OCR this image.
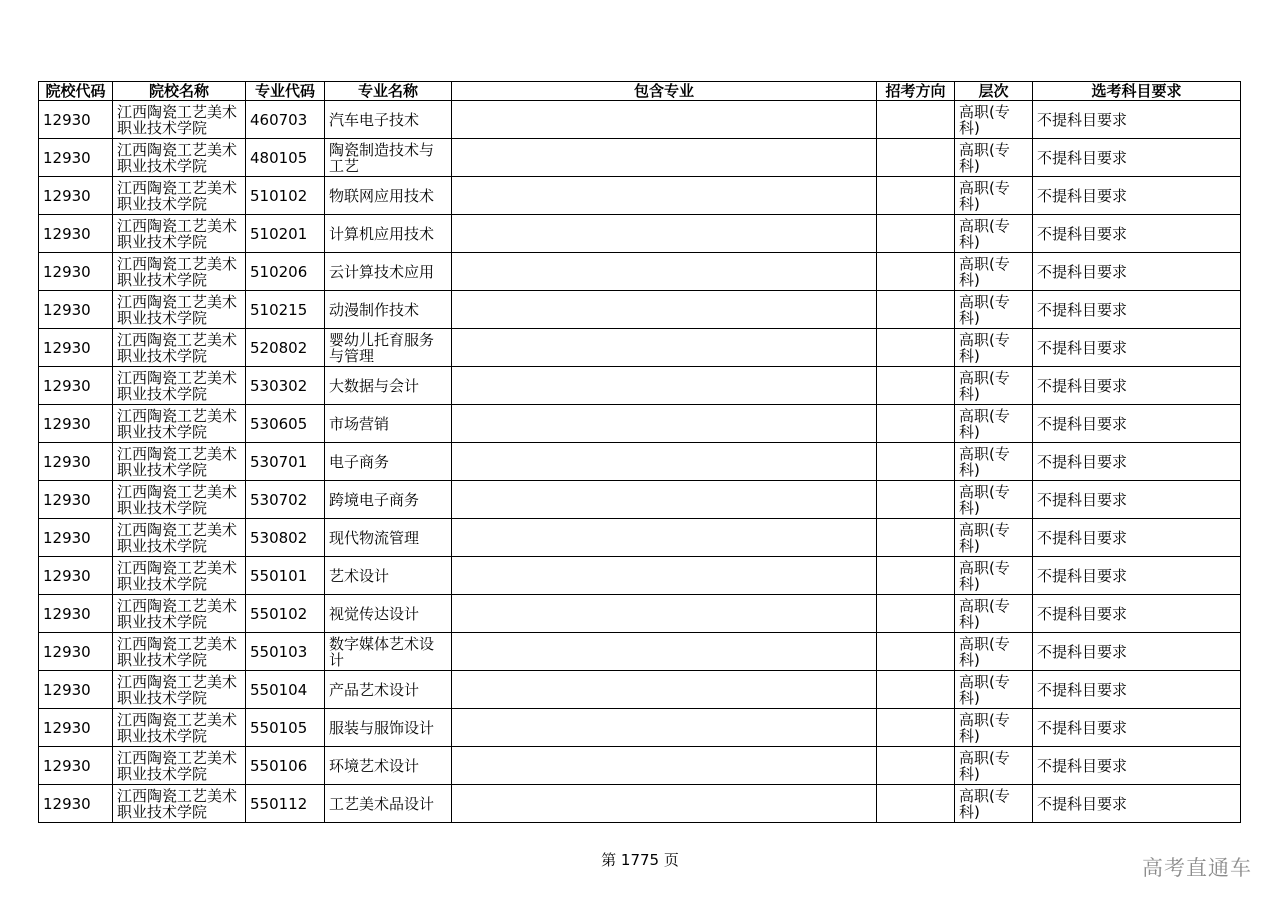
院校代码	院校名称	专业代码	专业名称	包含专业	招考方向	层次	选考科目要求
12930	江西陶瓷工艺美术职业技术学院	460703	汽车电子技术			高职(专科)	不提科目要求
12930	江西陶瓷工艺美术职业技术学院	480105	陶瓷制造技术与工艺			高职(专科)	不提科目要求
12930	江西陶瓷工艺美术职业技术学院	510102	物联网应用技术			高职(专科)	不提科目要求
12930	江西陶瓷工艺美术职业技术学院	510201	计算机应用技术			高职(专科)	不提科目要求
12930	江西陶瓷工艺美术职业技术学院	510206	云计算技术应用			高职(专科)	不提科目要求
12930	江西陶瓷工艺美术职业技术学院	510215	动漫制作技术			高职(专科)	不提科目要求
12930	江西陶瓷工艺美术职业技术学院	520802	婴幼儿托育服务与管理			高职(专科)	不提科目要求
12930	江西陶瓷工艺美术职业技术学院	530302	大数据与会计			高职(专科)	不提科目要求
12930	江西陶瓷工艺美术职业技术学院	530605	市场营销			高职(专科)	不提科目要求
12930	江西陶瓷工艺美术职业技术学院	530701	电子商务			高职(专科)	不提科目要求
12930	江西陶瓷工艺美术职业技术学院	530702	跨境电子商务			高职(专科)	不提科目要求
12930	江西陶瓷工艺美术职业技术学院	530802	现代物流管理			高职(专科)	不提科目要求
12930	江西陶瓷工艺美术职业技术学院	550101	艺术设计			高职(专科)	不提科目要求
12930	江西陶瓷工艺美术职业技术学院	550102	视觉传达设计			高职(专科)	不提科目要求
12930	江西陶瓷工艺美术职业技术学院	550103	数字媒体艺术设计			高职(专科)	不提科目要求
12930	江西陶瓷工艺美术职业技术学院	550104	产品艺术设计			高职(专科)	不提科目要求
12930	江西陶瓷工艺美术职业技术学院	550105	服装与服饰设计			高职(专科)	不提科目要求
12930	江西陶瓷工艺美术职业技术学院	550106	环境艺术设计			高职(专科)	不提科目要求
12930	江西陶瓷工艺美术职业技术学院	550112	工艺美术品设计			高职(专科)	不提科目要求
第 1775 页	高考直通车
